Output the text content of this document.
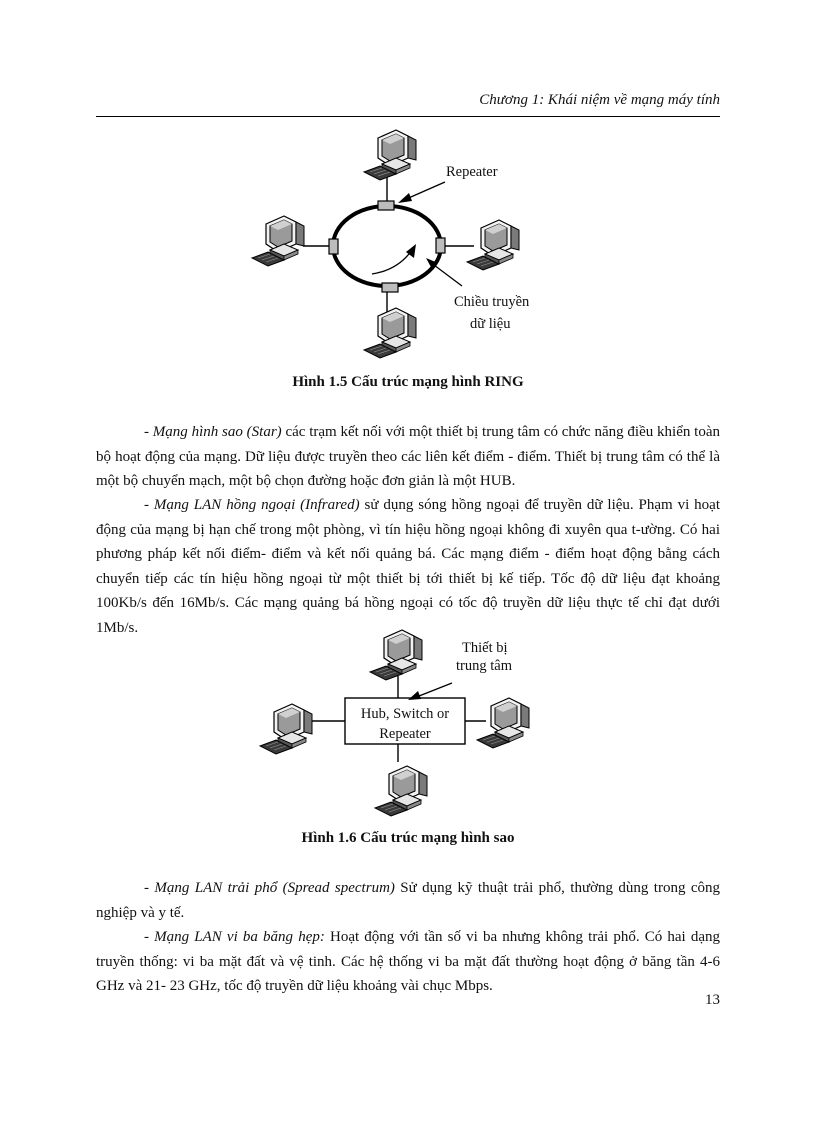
Chương 1: Khái niệm về mạng máy tính
Repeater
Chiều truyền
dữ liệu
Hình 1.5 Cấu trúc mạng hình RING

- Mạng hình sao (Star) các trạm kết nối với một thiết bị trung tâm có chức năng điều khiển toàn bộ hoạt động của mạng. Dữ liệu được truyền theo các liên kết điểm - điểm. Thiết bị trung tâm có thể là một bộ chuyển mạch, một bộ chọn đường hoặc đơn giản là một HUB.

- Mạng LAN hồng ngoại (Infrared) sử dụng sóng hồng ngoại để truyền dữ liệu. Phạm vi hoạt động của mạng bị hạn chế trong một phòng, vì tín hiệu hồng ngoại không đi xuyên qua t-ường. Có hai phương pháp kết nối điểm- điểm và kết nối quảng bá. Các mạng điểm - điểm hoạt động bằng cách chuyển tiếp các tín hiệu hồng ngoại từ một thiết bị tới thiết bị kế tiếp. Tốc độ dữ liệu đạt khoảng 100Kb/s đến 16Mb/s. Các mạng quảng bá hồng ngoại có tốc độ truyền dữ liệu thực tế chỉ đạt dưới 1Mb/s.

Hub, Switch or
Repeater
Thiết bị
trung tâm
Hình 1.6 Cấu trúc mạng hình sao

- Mạng LAN trải phổ (Spread spectrum) Sử dụng kỹ thuật trải phổ, thường dùng trong công nghiệp và y tế.

- Mạng LAN vi ba băng hẹp: Hoạt động với tần số vi ba nhưng không trải phổ. Có hai dạng truyền thống: vi ba mặt đất và vệ tinh. Các hệ thống vi ba mặt đất thường hoạt động ở băng tần 4-6 GHz và 21- 23 GHz, tốc độ truyền dữ liệu khoảng vài chục Mbps.

13
